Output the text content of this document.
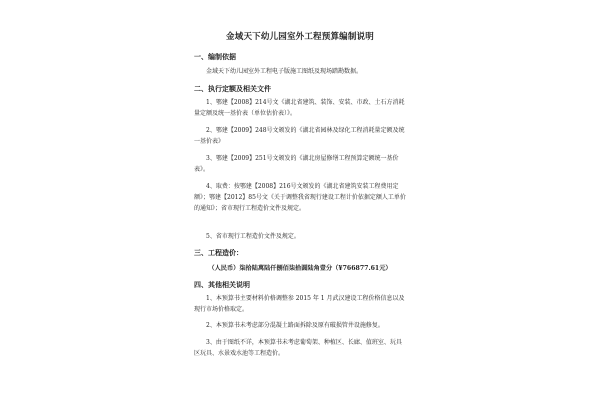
金域天下幼儿园室外工程预算编制说明
一、编制依据
金域天下幼儿园室外工程电子版施工图纸及现场踏勘数据。
二、执行定额及相关文件
1、鄂建【2008】214号文《湖北省建筑、装饰、安装、市政、土石方消耗量定额及统一基价表（单位估价表）》。
2、鄂建【2009】248号文颁发的《湖北省园林及绿化工程消耗量定额及统一基价表》
3、鄂建【2009】251号文颁发的《湖北房屋修缮工程预算定额统一基价表》。
4、取费：按鄂建【2008】216号文颁发的《湖北省建筑安装工程费用定额》；鄂建【2012】85号文《关于调整我省现行建设工程计价依据定额人工单价的通知》；省市现行工程造价文件及规定。
5、省市现行工程造价文件及规定。
三、工程造价：
（人民币）柒拾陆萬陆仟捌佰柒拾圆陆角壹分（¥766877.61元）
四、其他相关说明
1、本预算书主要材料价格调整参 2015 年 1 月武汉建设工程价格信息以及现行市场价格取定。
2、本预算书未考虑部分混凝土路面拆除及原有破损管井设施修复。
3、由于图纸不详，本预算书未考虑葡萄架、种植区、长廊、值班室、玩具区玩具、水景戏水池等工程造价。
